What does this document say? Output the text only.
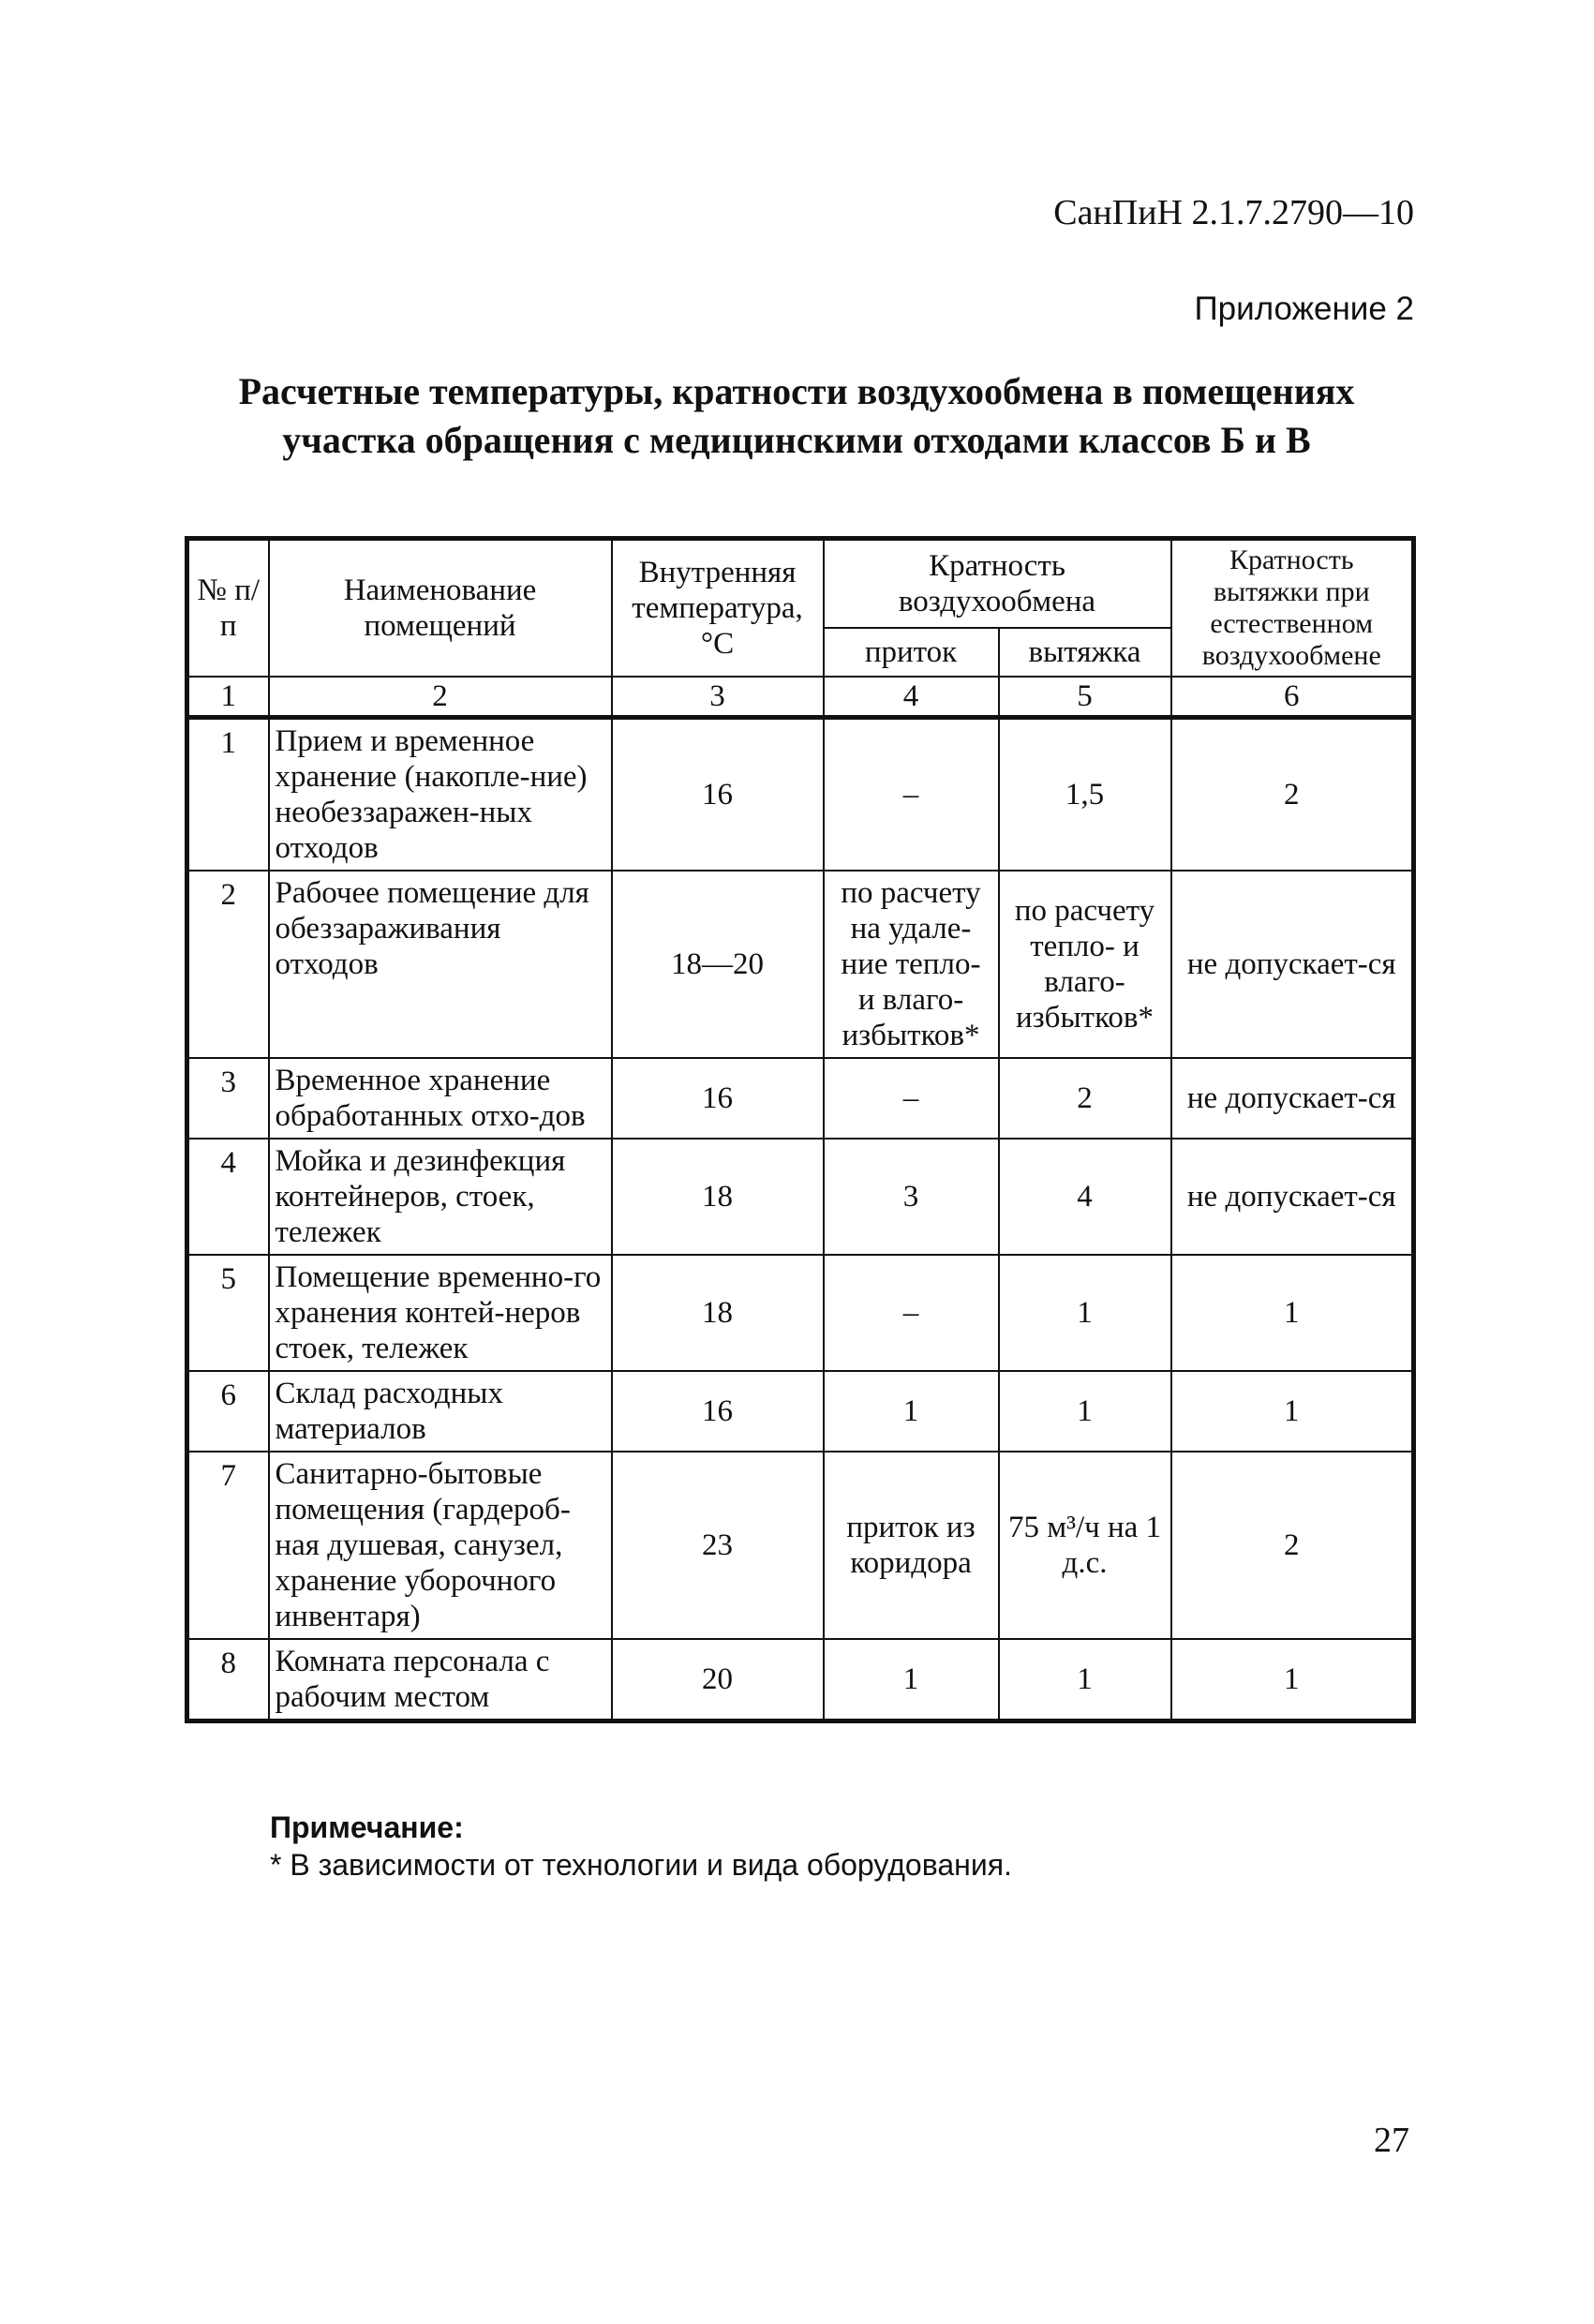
СанПиН 2.1.7.2790—10
Приложение 2
Расчетные температуры, кратности воздухообмена в помещениях участка обращения с медицинскими отходами классов Б и В
№ п/п	Наименование помещений	Внутренняя температура, °С	Кратность воздухообмена		Кратность вытяжки при естественном воздухообмене
			приток	вытяжка	
1	2	3	4	5	6
1	Прием и временное хранение (накопле-ние) необеззаражен-ных отходов	16	–	1,5	2
2	Рабочее помещение для обеззараживания отходов	18—20	по расчету на удале-ние тепло- и влаго-избытков*	по расчету тепло- и влаго-избытков*	не допускает-ся
3	Временное хранение обработанных отхо-дов	16	–	2	не допускает-ся
4	Мойка и дезинфекция контейнеров, стоек, тележек	18	3	4	не допускает-ся
5	Помещение временно-го хранения контей-неров стоек, тележек	18	–	1	1
6	Склад расходных материалов	16	1	1	1
7	Санитарно-бытовые помещения (гардероб-ная душевая, санузел, хранение уборочного инвентаря)	23	приток из коридора	75 м³/ч на 1 д.с.	2
8	Комната персонала с рабочим местом	20	1	1	1
Примечание:
* В зависимости от технологии и вида оборудования.
27
